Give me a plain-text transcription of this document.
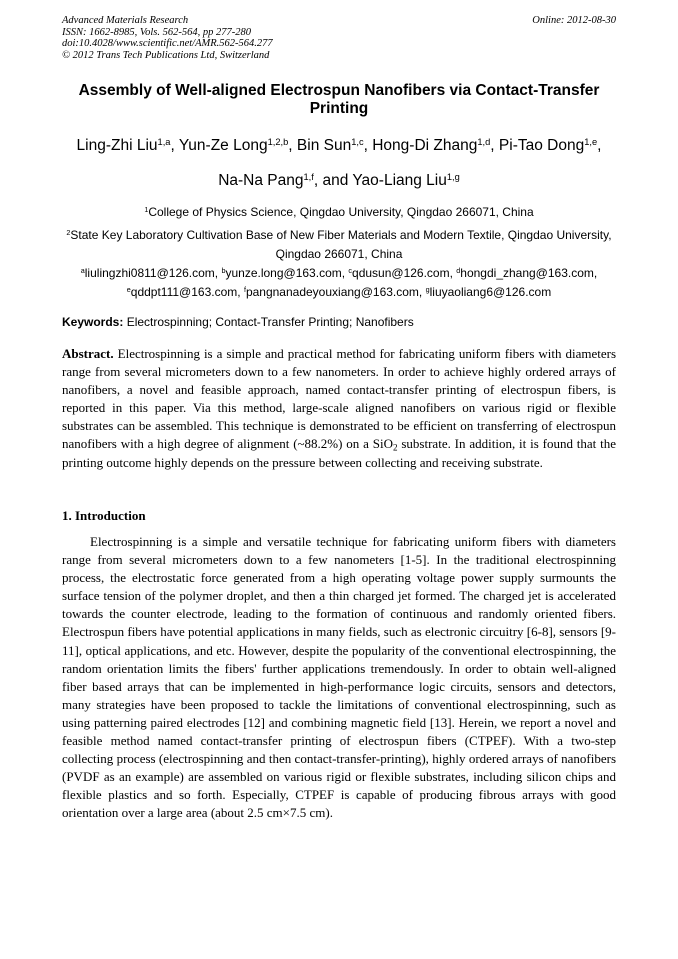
Advanced Materials Research
ISSN: 1662-8985, Vols. 562-564, pp 277-280
doi:10.4028/www.scientific.net/AMR.562-564.277
© 2012 Trans Tech Publications Ltd, Switzerland
Online: 2012-08-30
Assembly of Well-aligned Electrospun Nanofibers via Contact-Transfer Printing
Ling-Zhi Liu$^{1,a}$, Yun-Ze Long$^{1,2,b}$, Bin Sun$^{1,c}$, Hong-Di Zhang$^{1,d}$, Pi-Tao Dong$^{1,e}$,
Na-Na Pang$^{1,f}$, and Yao-Liang Liu$^{1,g}$

$^1$College of Physics Science, Qingdao University, Qingdao 266071, China

$^2$State Key Laboratory Cultivation Base of New Fiber Materials and Modern Textile, Qingdao University, Qingdao 266071, China

$^a$liulingzhi0811@126.com, $^b$yunze.long@163.com, $^c$qdusun@126.com, $^d$hongdi_zhang@163.com, $^e$qddpt111@163.com, $^f$pangnanadeyouxiang@163.com, $^g$liuyaoliang6@126.com

Keywords: Electrospinning; Contact-Transfer Printing; Nanofibers

Abstract. Electrospinning is a simple and practical method for fabricating uniform fibers with diameters range from several micrometers down to a few nanometers. In order to achieve highly ordered arrays of nanofibers, a novel and feasible approach, named contact-transfer printing of electrospun fibers, is reported in this paper. Via this method, large-scale aligned nanofibers on various rigid or flexible substrates can be assembled. This technique is demonstrated to be efficient on transferring of electrospun nanofibers with a high degree of alignment (~88.2%) on a SiO$_2$ substrate. In addition, it is found that the printing outcome highly depends on the pressure between collecting and receiving substrate.

1. Introduction

Electrospinning is a simple and versatile technique for fabricating uniform fibers with diameters range from several micrometers down to a few nanometers [1-5]. In the traditional electrospinning process, the electrostatic force generated from a high operating voltage power supply surmounts the surface tension of the polymer droplet, and then a thin charged jet formed. The charged jet is accelerated towards the counter electrode, leading to the formation of continuous and randomly oriented fibers. Electrospun fibers have potential applications in many fields, such as electronic circuitry [6-8], sensors [9-11], optical applications, and etc. However, despite the popularity of the conventional electrospinning, the random orientation limits the fibers' further applications tremendously. In order to obtain well-aligned fiber based arrays that can be implemented in high-performance logic circuits, sensors and detectors, many strategies have been proposed to tackle the limitations of conventional electrospinning, such as using patterning paired electrodes [12] and combining magnetic field [13]. Herein, we report a novel and feasible method named contact-transfer printing of electrospun fibers (CTPEF). With a two-step collecting process (electrospinning and then contact-transfer-printing), highly ordered arrays of nanofibers (PVDF as an example) are assembled on various rigid or flexible substrates, including silicon chips and flexible plastics and so forth. Especially, CTPEF is capable of producing fibrous arrays with good orientation over a large area (about 2.5 cm×7.5 cm).
